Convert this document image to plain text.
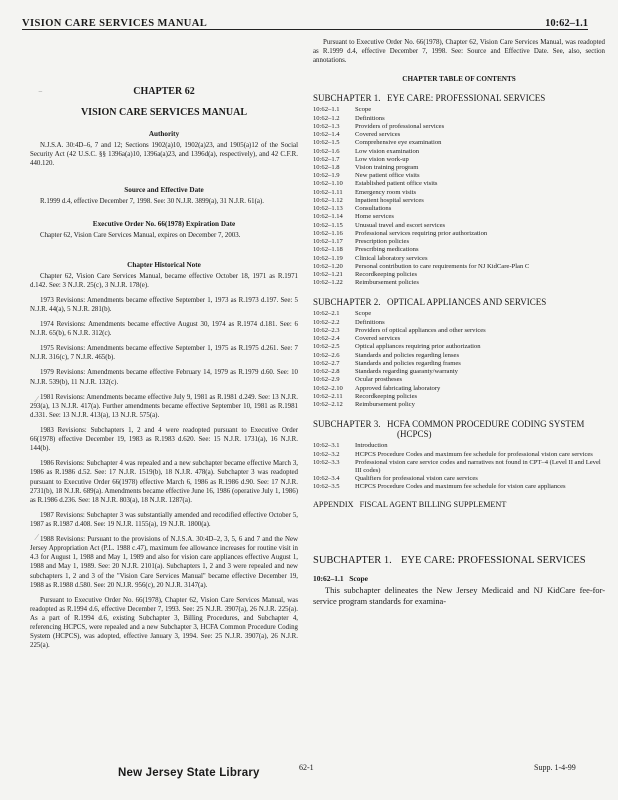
VISION CARE SERVICES MANUAL	10:62–1.1
⁻
∕
∕
CHAPTER 62
VISION CARE SERVICES MANUAL
Authority
N.J.S.A. 30:4D–6, 7 and 12; Sections 1902(a)10, 1902(a)23, and 1905(a)12 of the Social Security Act (42 U.S.C. §§ 1396a(a)10, 1396a(a)23, and 1396d(a), respectively), and 42 C.F.R. 440.120.
Source and Effective Date
R.1999 d.4, effective December 7, 1998. See: 30 N.J.R. 3899(a), 31 N.J.R. 61(a).
Executive Order No. 66(1978) Expiration Date
Chapter 62, Vision Care Services Manual, expires on December 7, 2003.
Chapter Historical Note
Chapter 62, Vision Care Services Manual, became effective October 18, 1971 as R.1971 d.142. See: 3 N.J.R. 25(c), 3 N.J.R. 178(e).
1973 Revisions: Amendments became effective September 1, 1973 as R.1973 d.197. See: 5 N.J.R. 44(a), 5 N.J.R. 281(b).
1974 Revisions: Amendments became effective August 30, 1974 as R.1974 d.181. See: 6 N.J.R. 65(b), 6 N.J.R. 312(c).
1975 Revisions: Amendments became effective September 1, 1975 as R.1975 d.261. See: 7 N.J.R. 316(c), 7 N.J.R. 465(b).
1979 Revisions: Amendments became effective February 14, 1979 as R.1979 d.60. See: 10 N.J.R. 539(b), 11 N.J.R. 132(c).
1981 Revisions: Amendments became effective July 9, 1981 as R.1981 d.249. See: 13 N.J.R. 293(a), 13 N.J.R. 417(a). Further amendments became effective September 10, 1981 as R.1981 d.331. See: 13 N.J.R. 413(a), 13 N.J.R. 575(a).
1983 Revisions: Subchapters 1, 2 and 4 were readopted pursuant to Executive Order 66(1978) effective December 19, 1983 as R.1983 d.620. See: 15 N.J.R. 1731(a), 16 N.J.R. 144(b).
1986 Revisions: Subchapter 4 was repealed and a new subchapter became effective March 3, 1986 as R.1986 d.52. See: 17 N.J.R. 1519(b), 18 N.J.R. 478(a). Subchapter 3 was readopted pursuant to Executive Order 66(1978) effective March 6, 1986 as R.1986 d.90. See: 17 N.J.R. 2731(b), 18 N.J.R. 689(a). Amendments became effective June 16, 1986 (operative July 1, 1986) as R.1986 d.236. See: 18 N.J.R. 803(a), 18 N.J.R. 1287(a).
1987 Revisions: Subchapter 3 was substantially amended and recodified effective October 5, 1987 as R.1987 d.408. See: 19 N.J.R. 1155(a), 19 N.J.R. 1800(a).
1988 Revisions: Pursuant to the provisions of N.J.S.A. 30:4D–2, 3, 5, 6 and 7 and the New Jersey Appropriation Act (P.L. 1988 c.47), maximum fee allowance increases for routine visit in 4.3 for August 1, 1988 and May 1, 1989 and also for vision care appliances effective August 1, 1988 and May 1, 1989. See: 20 N.J.R. 2101(a). Subchapters 1, 2 and 3 were repealed and new subchapters 1, 2 and 3 of the "Vision Care Services Manual" became effective December 19, 1988 as R.1988 d.580. See: 20 N.J.R. 956(c), 20 N.J.R. 3147(a).
Pursuant to Executive Order No. 66(1978), Chapter 62, Vision Care Services Manual, was readopted as R.1994 d.6, effective December 7, 1993. See: 25 N.J.R. 3907(a), 26 N.J.R. 225(a). As a part of R.1994 d.6, existing Subchapter 3, Billing Procedures, and Subchapter 4, referencing HCPCS, were repealed and a new Subchapter 3, HCFA Common Procedure Coding System (HCPCS), was adopted, effective January 3, 1994. See: 25 N.J.R. 3907(a), 26 N.J.R. 225(a).
Pursuant to Executive Order No. 66(1978), Chapter 62, Vision Care Services Manual, was readopted as R.1999 d.4, effective December 7, 1998. See: Source and Effective Date. See, also, section annotations.
CHAPTER TABLE OF CONTENTS
SUBCHAPTER 1. EYE CARE: PROFESSIONAL SERVICES
10:62–1.1	Scope
10:62–1.2	Definitions
10:62–1.3	Providers of professional services
10:62–1.4	Covered services
10:62–1.5	Comprehensive eye examination
10:62–1.6	Low vision examination
10:62–1.7	Low vision work-up
10:62–1.8	Vision training program
10:62–1.9	New patient office visits
10:62–1.10	Established patient office visits
10:62–1.11	Emergency room visits
10:62–1.12	Inpatient hospital services
10:62–1.13	Consultations
10:62–1.14	Home services
10:62–1.15	Unusual travel and escort services
10:62–1.16	Professional services requiring prior authorization
10:62–1.17	Prescription policies
10:62–1.18	Prescribing medications
10:62–1.19	Clinical laboratory services
10:62–1.20	Personal contribution to care requirements for NJ KidCare-Plan C
10:62–1.21	Recordkeeping policies
10:62–1.22	Reimbursement policies
SUBCHAPTER 2. OPTICAL APPLIANCES AND SERVICES
10:62–2.1	Scope
10:62–2.2	Definitions
10:62–2.3	Providers of optical appliances and other services
10:62–2.4	Covered services
10:62–2.5	Optical appliances requiring prior authorization
10:62–2.6	Standards and policies regarding lenses
10:62–2.7	Standards and policies regarding frames
10:62–2.8	Standards regarding guaranty/warranty
10:62–2.9	Ocular prostheses
10:62–2.10	Approved fabricating laboratory
10:62–2.11	Recordkeeping policies
10:62–2.12	Reimbursement policy
SUBCHAPTER 3. HCFA COMMON PROCEDURE CODING SYSTEM (HCPCS)
10:62–3.1	Introduction
10:62–3.2	HCPCS Procedure Codes and maximum fee schedule for professional vision care services
10:62–3.3	Professional vision care service codes and narratives not found in CPT–4 (Level II and Level III codes)
10:62–3.4	Qualifiers for professional vision care services
10:62–3.5	HCPCS Procedure Codes and maximum fee schedule for vision care appliances
APPENDIX   FISCAL AGENT BILLING SUPPLEMENT
SUBCHAPTER 1. EYE CARE: PROFESSIONAL SERVICES
10:62–1.1   Scope
This subchapter delineates the New Jersey Medicaid and NJ KidCare fee-for-service program standards for examina-
New Jersey State Library	62-1	Supp. 1-4-99
